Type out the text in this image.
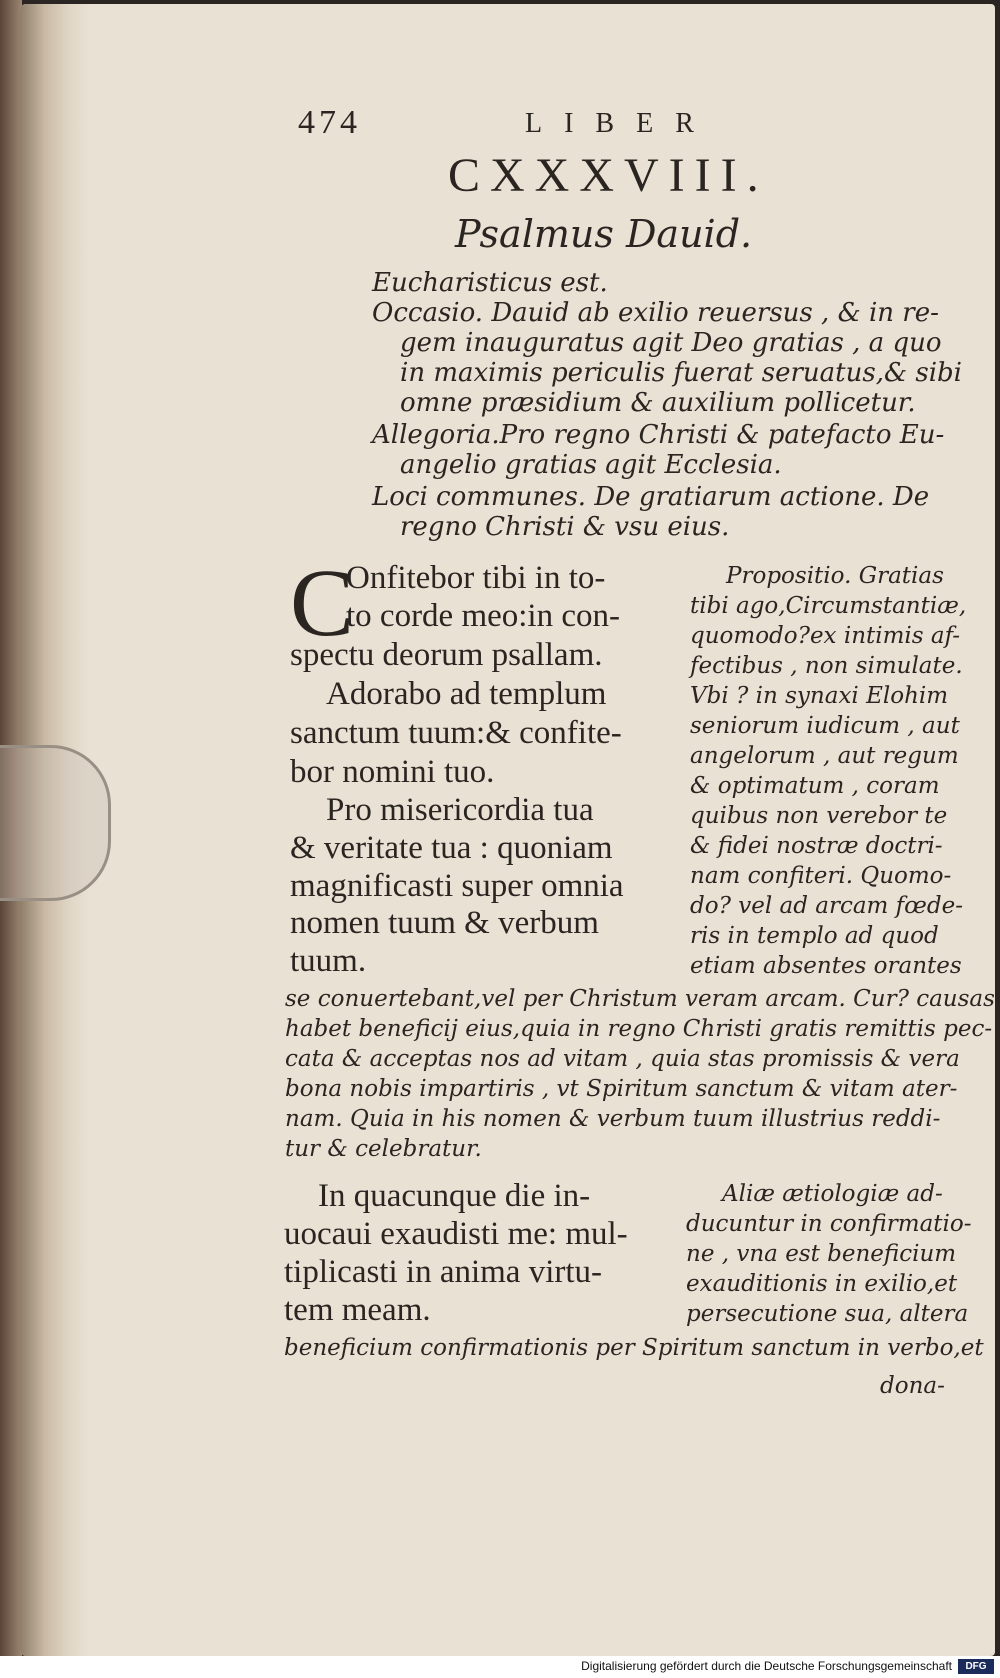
474	LIBER
CXXXVIII.
Psalmus Dauid.
Eucharisticus est.
Occasio. Dauid ab exilio reuersus , & in re-
gem inauguratus agit Deo gratias , a quo
in maximis periculis fuerat seruatus,& sibi
omne præsidium & auxilium pollicetur.
Allegoria.Pro regno Christi & patefacto Eu-
angelio gratias agit Ecclesia.
Loci communes. De gratiarum actione. De
regno Christi & vsu eius.
C
Onfitebor tibi in to-
to corde meo:in con-
spectu deorum psallam.
Adorabo ad templum
sanctum tuum:& confite-
bor nomini tuo.
Pro misericordia tua
& veritate tua : quoniam
magnificasti super omnia
nomen tuum & verbum
tuum.
Propositio. Gratias
tibi ago,Circumstantiæ,
quomodo?ex intimis af-
fectibus , non simulate.
Vbi ? in synaxi Elohim
seniorum iudicum , aut
angelorum , aut regum
& optimatum , coram
quibus non verebor te
& fidei nostræ doctri-
nam confiteri. Quomo-
do? vel ad arcam fœde-
ris in templo ad quod
etiam absentes orantes
se conuertebant,vel per Christum veram arcam. Cur? causas
habet beneficij eius,quia in regno Christi gratis remittis pec-
cata & acceptas nos ad vitam , quia stas promissis & vera
bona nobis impartiris , vt Spiritum sanctum & vitam ater-
nam. Quia in his nomen & verbum tuum illustrius reddi-
tur & celebratur.
In quacunque die in-
uocaui exaudisti me: mul-
tiplicasti in anima virtu-
tem meam.
Aliæ ætiologiæ ad-
ducuntur in confirmatio-
ne , vna est beneficium
exauditionis in exilio,et
persecutione sua, altera
beneficium confirmationis per Spiritum sanctum in verbo,et
dona-
Digitalisierung gefördert durch die Deutsche Forschungsgemeinschaft	DFG
